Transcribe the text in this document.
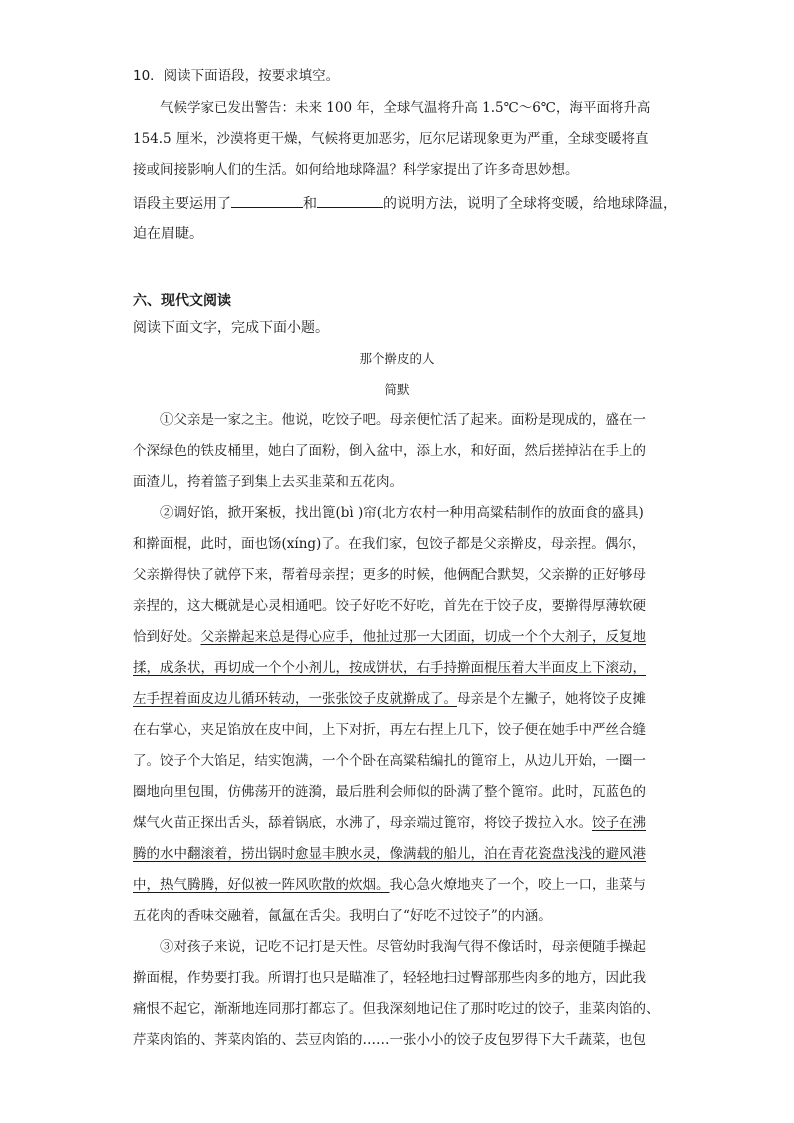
10．阅读下面语段，按要求填空。
气候学家已发出警告：未来 100 年，全球气温将升高 1.5℃～6℃，海平面将升高
154.5 厘米，沙漠将更干燥，气候将更加恶劣，厄尔尼诺现象更为严重，全球变暖将直
接或间接影响人们的生活。如何给地球降温？科学家提出了许多奇思妙想。
语段主要运用了	和	的说明方法，说明了全球将变暖，给地球降温，
迫在眉睫。
六、现代文阅读
阅读下面文字，完成下面小题。
那个擀皮的人
简默
①父亲是一家之主。他说，吃饺子吧。母亲便忙活了起来。面粉是现成的，盛在一
个深绿色的铁皮桶里，她白了面粉，倒入盆中，添上水，和好面，然后搓掉沾在手上的
面渣儿，挎着篮子到集上去买韭菜和五花肉。
②调好馅，掀开案板，找出篦(bì )帘(北方农村一种用高粱秸制作的放面食的盛具)
和擀面棍，此时，面也饧(xíng)了。在我们家，包饺子都是父亲擀皮，母亲捏。偶尔，
父亲擀得快了就停下来，帮着母亲捏；更多的时候，他俩配合默契，父亲擀的正好够母
亲捏的，这大概就是心灵相通吧。饺子好吃不好吃，首先在于饺子皮，要擀得厚薄软硬
恰到好处。父亲擀起来总是得心应手，他扯过那一大团面，切成一个个大剂子，反复地
揉，成条状，再切成一个个小剂儿，按成饼状，右手持擀面棍压着大半面皮上下滚动，
左手捏着面皮边儿循环转动，一张张饺子皮就擀成了。母亲是个左撇子，她将饺子皮摊
在右掌心，夹足馅放在皮中间，上下对折，再左右捏上几下，饺子便在她手中严丝合缝
了。饺子个大馅足，结实饱满，一个个卧在高粱秸编扎的篦帘上，从边儿开始，一圈一
圈地向里包围，仿佛荡开的涟漪，最后胜利会师似的卧满了整个篦帘。此时，瓦蓝色的
煤气火苗正探出舌头，舔着锅底，水沸了，母亲端过篦帘，将饺子拨拉入水。饺子在沸
腾的水中翻滚着，捞出锅时愈显丰腴水灵，像满载的船儿，泊在青花瓷盘浅浅的避风港
中，热气腾腾，好似被一阵风吹散的炊烟。我心急火燎地夹了一个，咬上一口，韭菜与
五花肉的香味交融着，氤氲在舌尖。我明白了“好吃不过饺子”的内涵。
③对孩子来说，记吃不记打是天性。尽管幼时我淘气得不像话时，母亲便随手操起
擀面棍，作势要打我。所谓打也只是瞄准了，轻轻地扫过臀部那些肉多的地方，因此我
痛恨不起它，渐渐地连同那打都忘了。但我深刻地记住了那时吃过的饺子，韭菜肉馅的、
芹菜肉馅的、荠菜肉馅的、芸豆肉馅的……一张小小的饺子皮包罗得下大千蔬菜，也包
